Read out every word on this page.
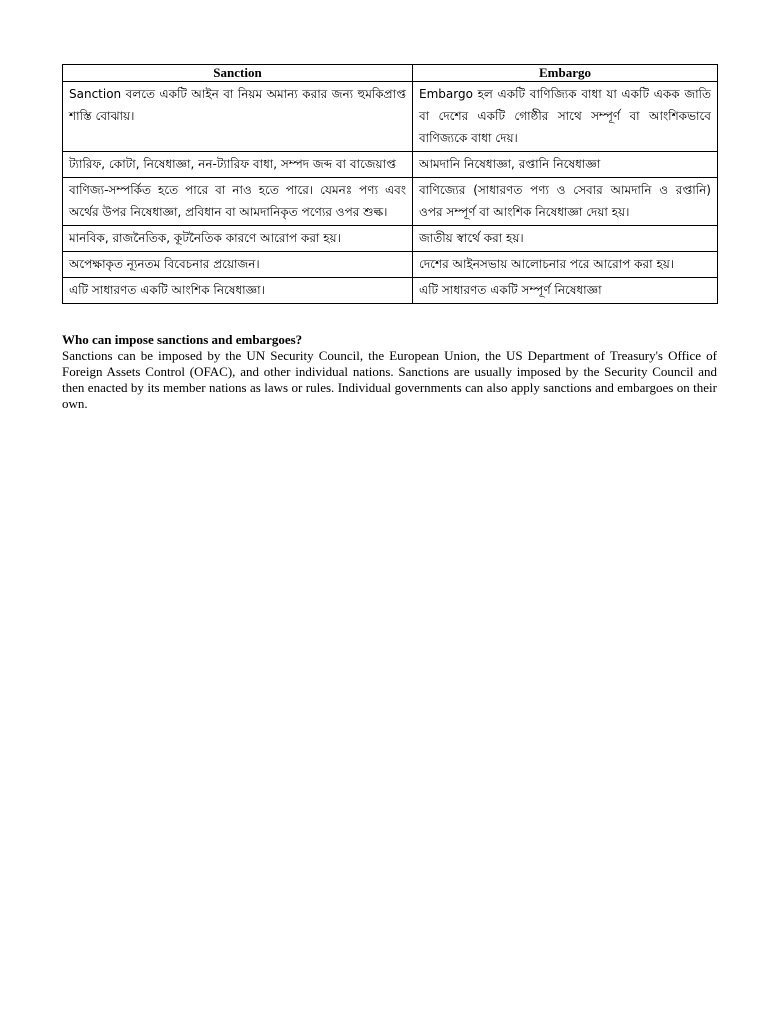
Sanction	Embargo
Sanction বলতে একটি আইন বা নিয়ম অমান্য করার জন্য হুমকিপ্রাপ্ত শাস্তি বোঝায়।	Embargo হল একটি বাণিজ্যিক বাধা যা একটি একক জাতি বা দেশের একটি গোষ্ঠীর সাথে সম্পূর্ণ বা আংশিকভাবে বাণিজ্যকে বাধা দেয়।
ট্যারিফ, কোটা, নিষেধাজ্ঞা, নন-ট্যারিফ বাধা, সম্পদ জব্দ বা বাজেয়াপ্ত	আমদানি নিষেধাজ্ঞা, রপ্তানি নিষেধাজ্ঞা
বাণিজ্য-সম্পর্কিত হতে পারে বা নাও হতে পারে। যেমনঃ পণ্য এবং অর্থের উপর নিষেধাজ্ঞা, প্রবিধান বা আমদানিকৃত পণ্যের ওপর শুল্ক।	বাণিজ্যের (সাধারণত পণ্য ও সেবার আমদানি ও রপ্তানি) ওপর সম্পূর্ণ বা আংশিক নিষেধাজ্ঞা দেয়া হয়।
মানবিক, রাজনৈতিক, কূটনৈতিক কারণে আরোপ করা হয়।	জাতীয় স্বার্থে করা হয়।
অপেক্ষাকৃত ন্যূনতম বিবেচনার প্রয়োজন।	দেশের আইনসভায় আলোচনার পরে আরোপ করা হয়।
এটি সাধারণত একটি আংশিক নিষেধাজ্ঞা।	এটি সাধারণত একটি সম্পূর্ণ নিষেধাজ্ঞা

Who can impose sanctions and embargoes?

Sanctions can be imposed by the UN Security Council, the European Union, the US Department of Treasury's Office of Foreign Assets Control (OFAC), and other individual nations. Sanctions are usually imposed by the Security Council and then enacted by its member nations as laws or rules. Individual governments can also apply sanctions and embargoes on their own.
